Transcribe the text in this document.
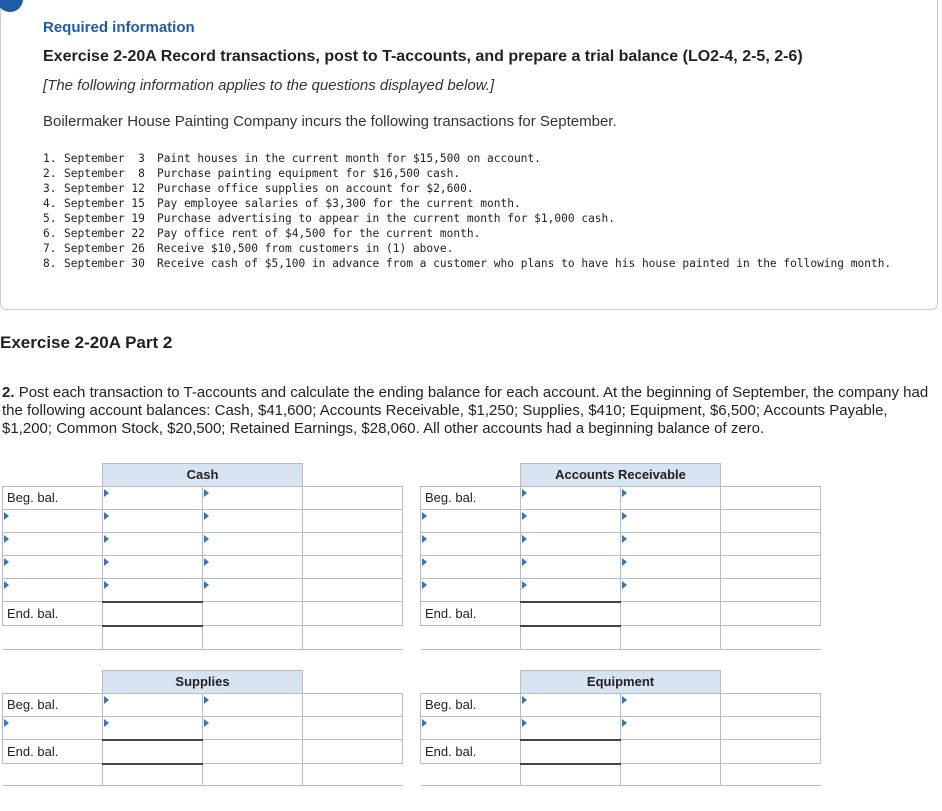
Required information
Exercise 2-20A Record transactions, post to T-accounts, and prepare a trial balance (LO2-4, 2-5, 2-6)
[The following information applies to the questions displayed below.]
Boilermaker House Painting Company incurs the following transactions for September.
1. September  3	Paint houses in the current month for $15,500 on account.
2. September  8	Purchase painting equipment for $16,500 cash.
3. September 12	Purchase office supplies on account for $2,600.
4. September 15	Pay employee salaries of $3,300 for the current month.
5. September 19	Purchase advertising to appear in the current month for $1,000 cash.
6. September 22	Pay office rent of $4,500 for the current month.
7. September 26	Receive $10,500 from customers in (1) above.
8. September 30	Receive cash of $5,100 in advance from a customer who plans to have his house painted in the following month.
Exercise 2-20A Part 2
2. Post each transaction to T-accounts and calculate the ending balance for each account. At the beginning of September, the company had the following account balances: Cash, $41,600; Accounts Receivable, $1,250; Supplies, $410; Equipment, $6,500; Accounts Payable, $1,200; Common Stock, $20,500; Retained Earnings, $28,060. All other accounts had a beginning balance of zero.
	Cash					Accounts Receivable		
Beg. bal.					Beg. bal.			

End. bal.					End. bal.			

	Supplies					Equipment		
Beg. bal.					Beg. bal.			

End. bal.					End. bal.			
